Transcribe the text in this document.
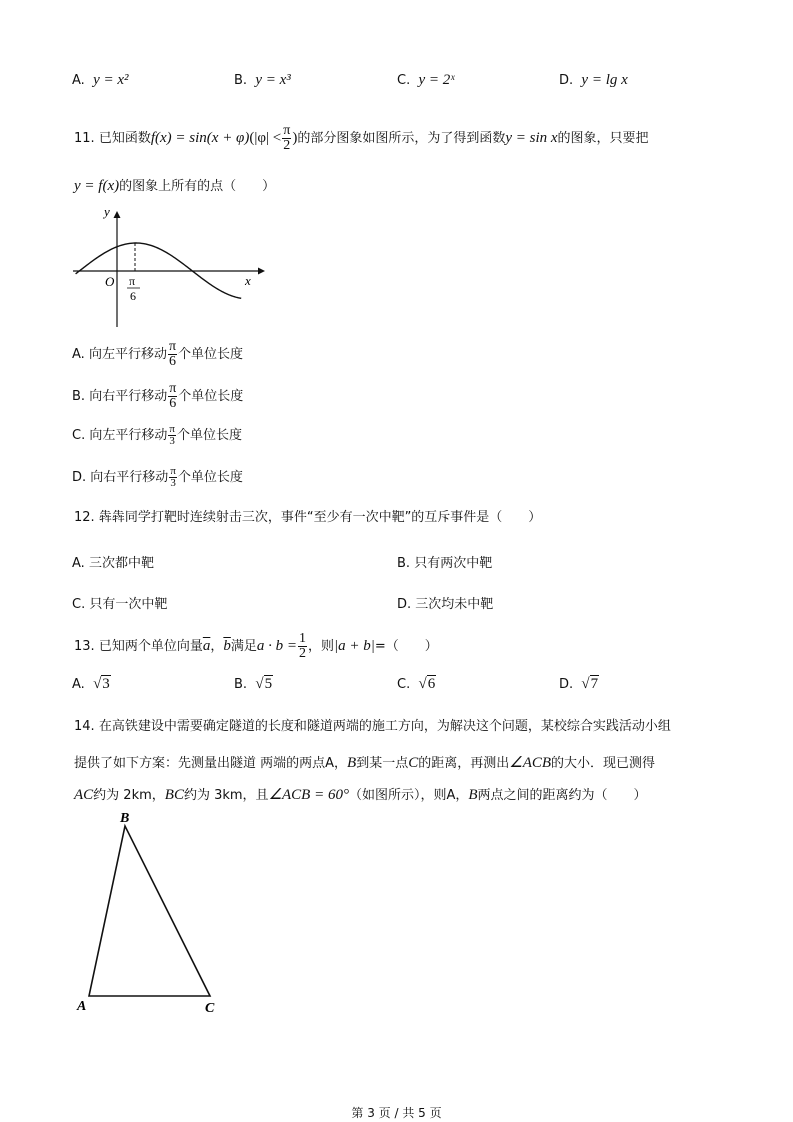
A. y = x²	B. y = x³	C. y = 2ˣ	D. y = lg x
11. 已知函数$f(x) = \sin(x + \varphi)(|\varphi| < \frac{\pi}{2}$ )的部分图象如图所示，为了得到函数y = sin x的图象，只要把
y = f(x)的图象上所有的点（　　）
y
x
O π
6
A. 向左平行移动 $\frac{\pi}{6}$ 个单位长度
B. 向右平行移动 $\frac{\pi}{6}$ 个单位长度
C. 向左平行移动 $\frac{\pi}{3}$ 个单位长度
D. 向右平行移动 $\frac{\pi}{3}$ 个单位长度
12. 犇犇同学打靶时连续射击三次，事件“至少有一次中靶”的互斥事件是（　　）
A. 三次都中靶	B. 只有两次中靶
C. 只有一次中靶	D. 三次均未中靶
13. 已知两个单位向量$\overline{a}$，$\overline{b}$满足$a \cdot b = \frac{1}{2}$ ，则|a + b|=（　　）
A. √3	B. √5	C. √6	D. √7
14. 在高铁建设中需要确定隧道的长度和隧道两端的施工方向，为解决这个问题，某校综合实践活动小组
提供了如下方案：先测量出隧道 两端的两点A，B到某一点C的距离，再测出∠ACB的大小．现已测得
AC约为 2km，BC约为 3km，且∠ACB = 60°（如图所示），则A，B两点之间的距离约为（　　）
B
A	C
第 3 页 / 共 5 页
